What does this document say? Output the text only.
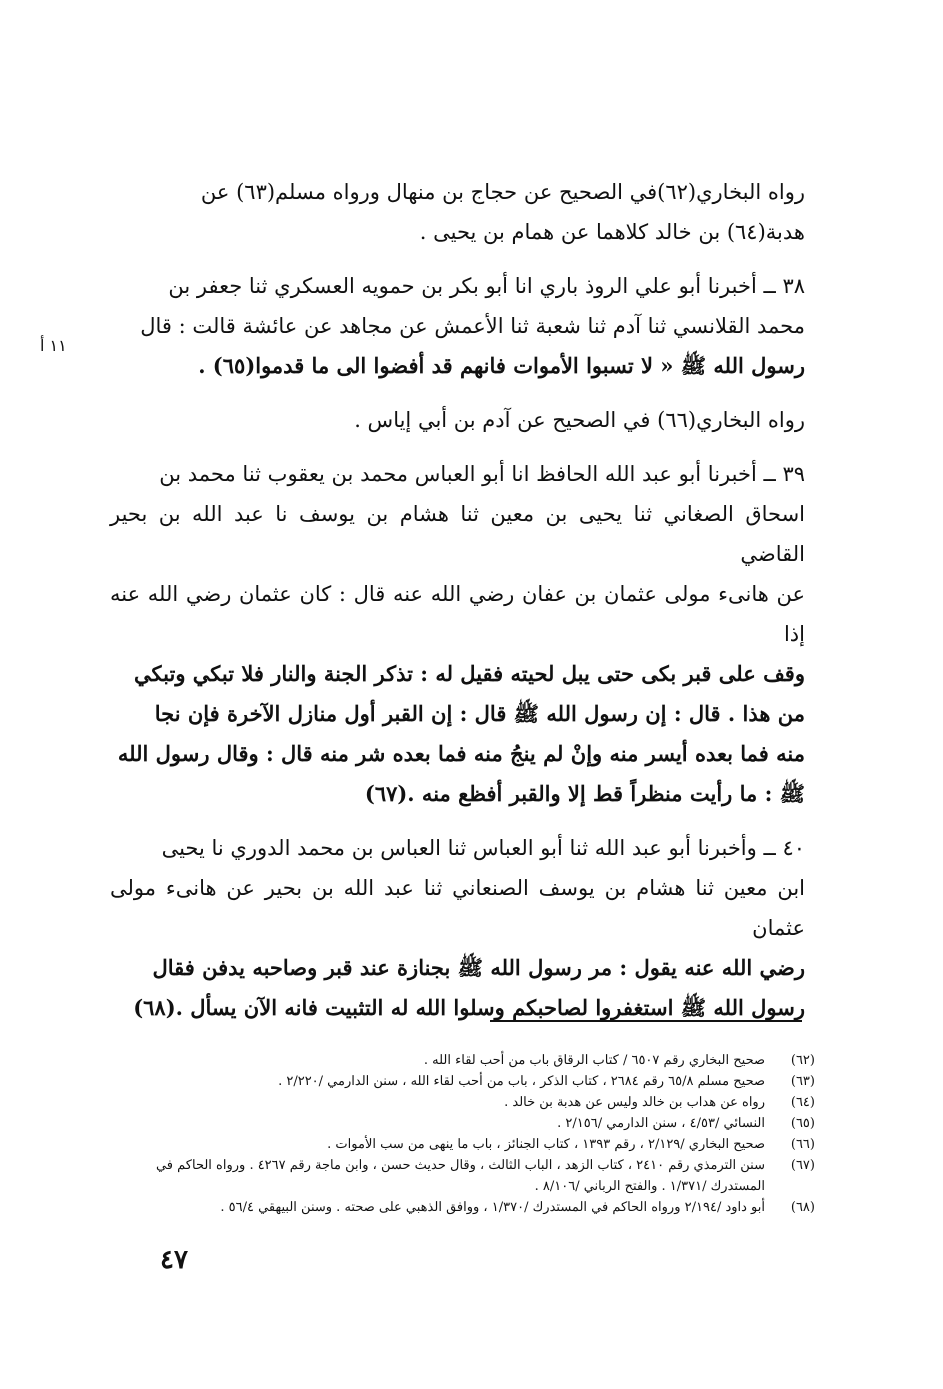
رواه البخاري(٦٢)في الصحيح عن حجاج بن منهال ورواه مسلم(٦٣) عن
هدبة(٦٤) بن خالد كلاهما عن همام بن يحيى .
٣٨ ــ أخبرنا أبو علي الروذ باري انا أبو بكر بن حمويه العسكري ثنا جعفر بن
محمد القلانسي ثنا آدم ثنا شعبة ثنا الأعمش عن مجاهد عن عائشة قالت : قال
رسول الله ﷺ « لا تسبوا الأموات فانهم قد أفضوا الى ما قدموا(٦٥) .
رواه البخاري(٦٦) في الصحيح عن آدم بن أبي إياس .
٣٩ ــ أخبرنا أبو عبد الله الحافظ انا أبو العباس محمد بن يعقوب ثنا محمد بن
اسحاق الصغاني ثنا يحيى بن معين ثنا هشام بن يوسف نا عبد الله بن بحير القاضي
عن هانىء مولى عثمان بن عفان رضي الله عنه قال : كان عثمان رضي الله عنه إذا
وقف على قبر بكى حتى يبل لحيته فقيل له : تذكر الجنة والنار فلا تبكي وتبكي
من هذا . قال : إن رسول الله ﷺ قال : إن القبر أول منازل الآخرة فإن نجا
منه فما بعده أيسر منه وإنْ لم ينجُ منه فما بعده شر منه قال : وقال رسول الله
ﷺ : ما رأيت منظراً قط إلا والقبر أفظع منه .(٦٧)
٤٠ ــ وأخبرنا أبو عبد الله ثنا أبو العباس ثنا العباس بن محمد الدوري نا يحيى
ابن معين ثنا هشام بن يوسف الصنعاني ثنا عبد الله بن بحير عن هانىء مولى عثمان
رضي الله عنه يقول : مر رسول الله ﷺ بجنازة عند قبر وصاحبه يدفن فقال
رسول الله ﷺ استغفروا لصاحبكم وسلوا الله له التثبيت فانه الآن يسأل .(٦٨)
١١ أ
(٦٢)
صحيح البخاري رقم ٦٥٠٧ / كتاب الرقاق باب من أحب لقاء الله .
(٦٣)
صحيح مسلم ٦٥/٨ رقم ٢٦٨٤ ، كتاب الذكر ، باب من أحب لقاء الله ، سنن الدارمي /٢/٢٢٠ .
(٦٤)
رواه عن هداب بن خالد وليس عن هدبة بن خالد .
(٦٥)
النسائي /٤/٥٣ ، سنن الدارمي /٢/١٥٦ .
(٦٦)
صحيح البخاري /٢/١٢٩ ، رقم ١٣٩٣ ، كتاب الجنائز ، باب ما ينهى من سب الأموات .
(٦٧)
سنن الترمذي رقم ٢٤١٠ ، كتاب الزهد ، الباب الثالث ، وقال حديث حسن ، وابن ماجة رقم ٤٢٦٧ . ورواه الحاكم في المستدرك /١/٣٧١ . والفتح الرباني /٨/١٠٦ .
(٦٨)
أبو داود /٢/١٩٤ ورواه الحاكم في المستدرك /١/٣٧٠ ، ووافق الذهبي على صحته . وسنن البيهقي ٥٦/٤ .
٤٧
